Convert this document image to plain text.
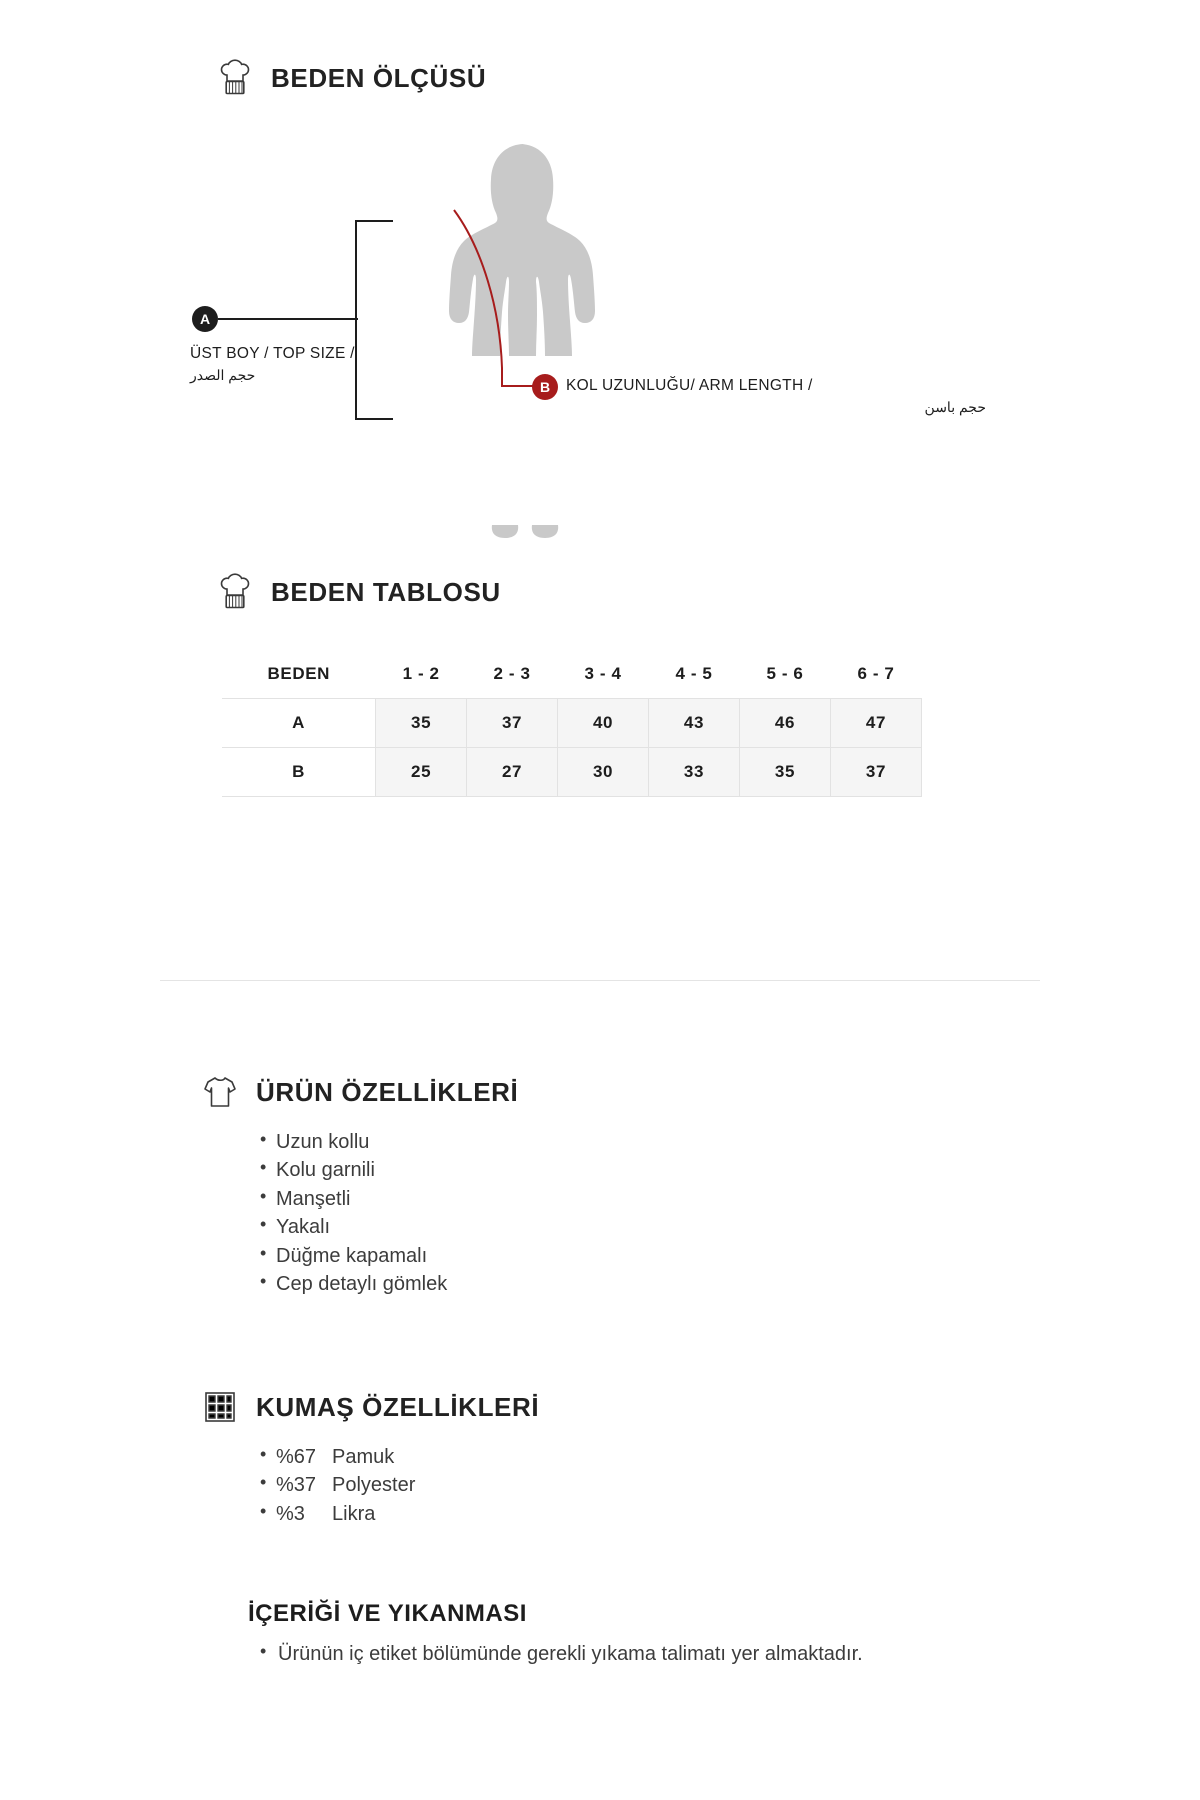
BEDEN ÖLÇÜSÜ
A
ÜST BOY / TOP SIZE /
حجم الصدر
B	KOL UZUNLUĞU/ ARM LENGTH /
حجم باسن
BEDEN TABLOSU
BEDEN	1 - 2	2 - 3	3 - 4	4 - 5	5 - 6	6 - 7
A	35	37	40	43	46	47
B	25	27	30	33	35	37
ÜRÜN ÖZELLİKLERİ
• Uzun kollu
• Kolu garnili
• Manşetli
• Yakalı
• Düğme kapamalı
• Cep detaylı gömlek
KUMAŞ ÖZELLİKLERİ
• %67 Pamuk
• %37 Polyester
• %3 Likra
İÇERİĞİ VE YIKANMASI
• Ürünün iç etiket bölümünde gerekli yıkama talimatı yer almaktadır.
